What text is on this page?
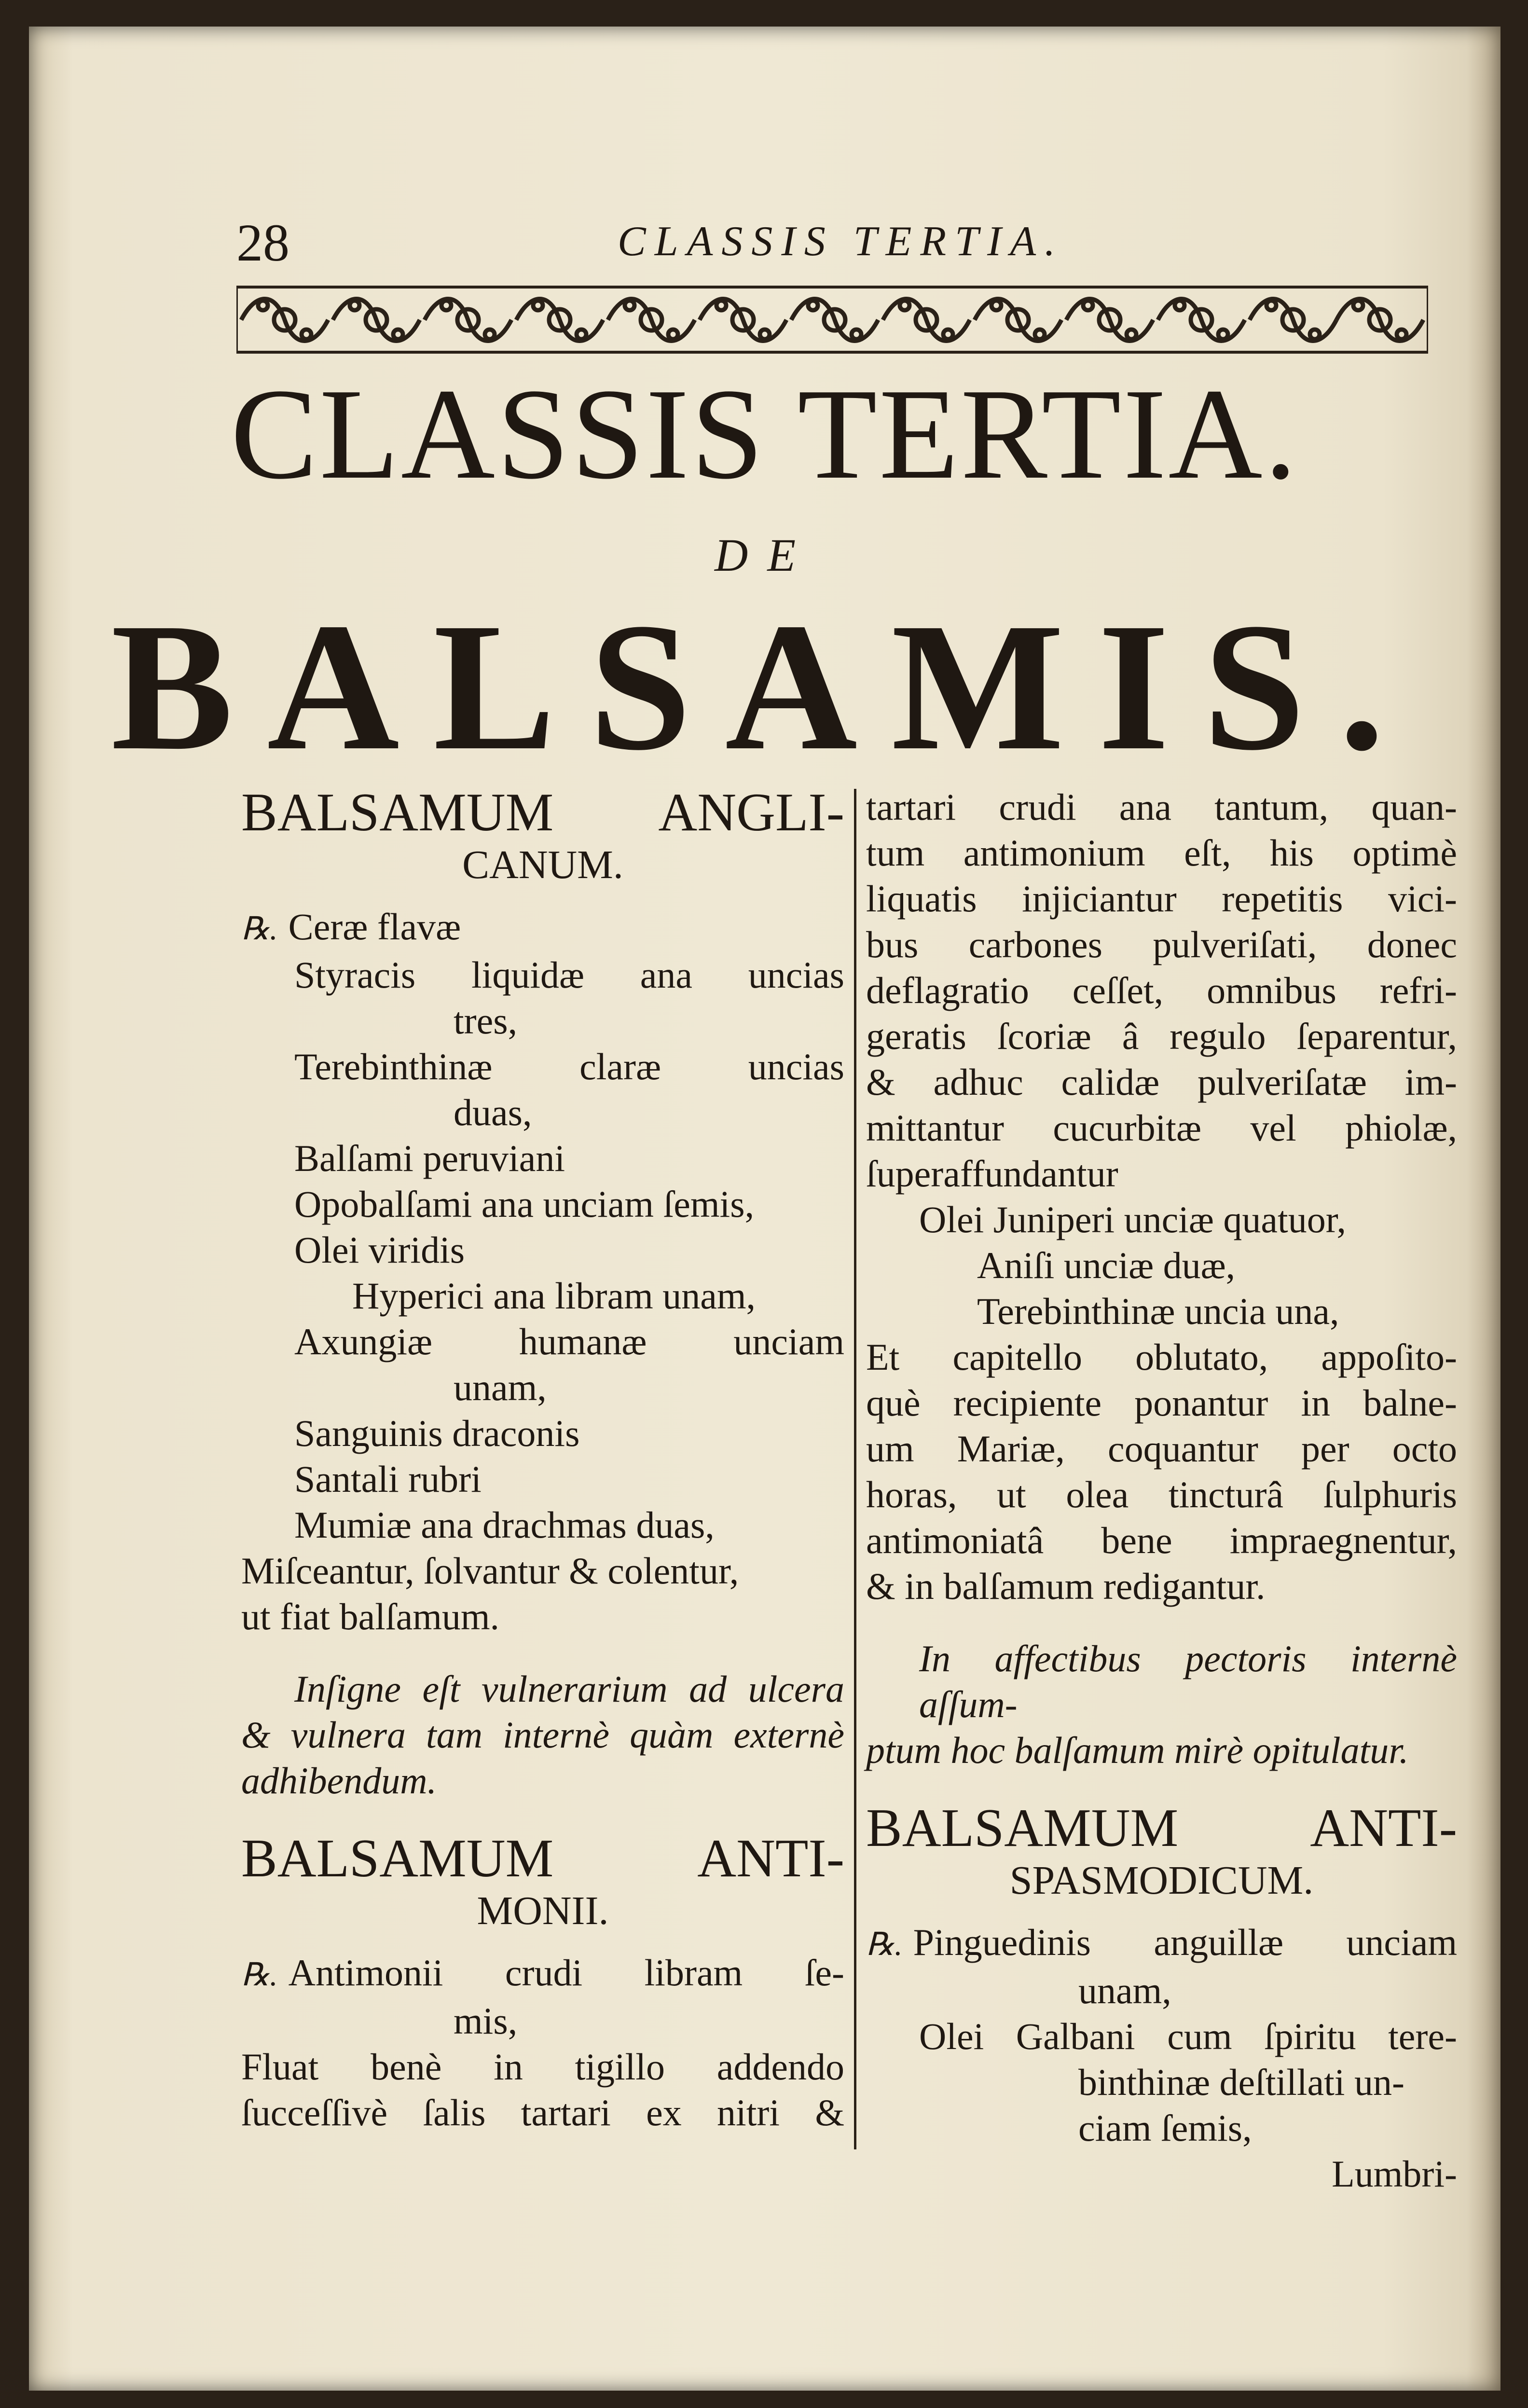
28	CLASSIS TERTIA.
CLASSIS TERTIA.
DE
BALSAMIS.
BALSAMUM ANGLI-
CANUM.
℞. Ceræ flavæ
Styracis liquidæ ana uncias
tres,
Terebinthinæ claræ uncias
duas,
Balſami peruviani
Opobalſami ana unciam ſemis,
Olei viridis
Hyperici ana libram unam,
Axungiæ humanæ unciam
unam,
Sanguinis draconis
Santali rubri
Mumiæ ana drachmas duas,
Miſceantur, ſolvantur & colentur,
ut fiat balſamum.
Inſigne eſt vulnerarium ad ulcera
& vulnera tam internè quàm externè
adhibendum.
BALSAMUM ANTI-
MONII.
℞. Antimonii crudi libram ſe-
mis,
Fluat benè in tigillo addendo
ſucceſſivè ſalis tartari ex nitri &
tartari crudi ana tantum, quan-
tum antimonium eſt, his optimè
liquatis injiciantur repetitis vici-
bus carbones pulveriſati, donec
deflagratio ceſſet, omnibus refri-
geratis ſcoriæ â regulo ſeparentur,
& adhuc calidæ pulveriſatæ im-
mittantur cucurbitæ vel phiolæ,
ſuperaffundantur
Olei Juniperi unciæ quatuor,
Aniſi unciæ duæ,
Terebinthinæ uncia una,
Et capitello oblutato, appoſito-
què recipiente ponantur in balne-
um Mariæ, coquantur per octo
horas, ut olea tincturâ ſulphuris
antimoniatâ bene impraegnentur,
& in balſamum redigantur.
In affectibus pectoris internè aſſum-
ptum hoc balſamum mirè opitulatur.
BALSAMUM ANTI-
SPASMODICUM.
℞. Pinguedinis anguillæ unciam
unam,
Olei Galbani cum ſpiritu tere-
binthinæ deſtillati un-
ciam ſemis,
Lumbri-
